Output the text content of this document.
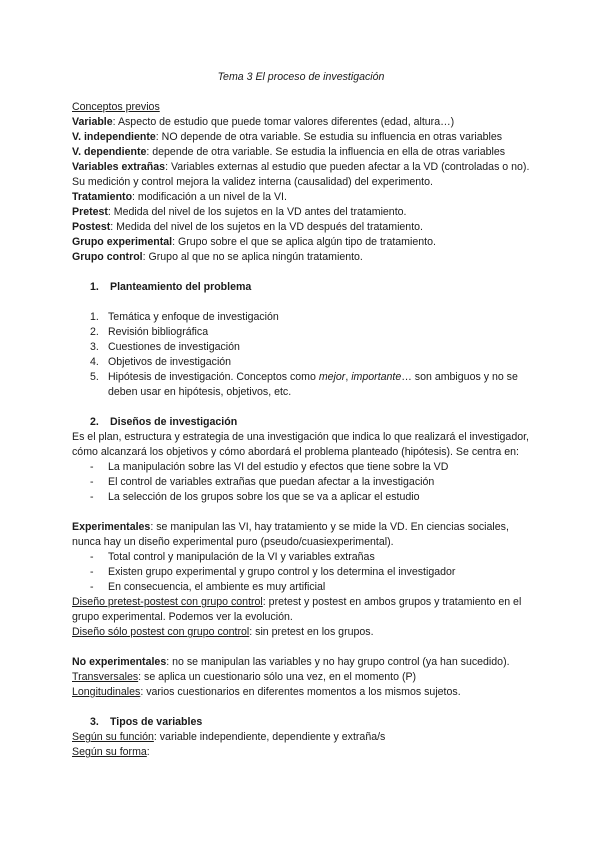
Tema 3 El proceso de investigación

Conceptos previos

Variable: Aspecto de estudio que puede tomar valores diferentes (edad, altura…)

V. independiente: NO depende de otra variable. Se estudia su influencia en otras variables

V. dependiente: depende de otra variable. Se estudia la influencia en ella de otras variables

Variables extrañas: Variables externas al estudio que pueden afectar a la VD (controladas o no). Su medición y control mejora la validez interna (causalidad) del experimento.

Tratamiento: modificación a un nivel de la VI.

Pretest: Medida del nivel de los sujetos en la VD antes del tratamiento.

Postest: Medida del nivel de los sujetos en la VD después del tratamiento.

Grupo experimental: Grupo sobre el que se aplica algún tipo de tratamiento.

Grupo control: Grupo al que no se aplica ningún tratamiento.

1. Planteamiento del problema

1. Temática y enfoque de investigación
2. Revisión bibliográfica
3. Cuestiones de investigación
4. Objetivos de investigación
5. Hipótesis de investigación. Conceptos como mejor, importante… son ambiguos y no se deben usar en hipótesis, objetivos, etc.

2. Diseños de investigación

Es el plan, estructura y estrategia de una investigación que indica lo que realizará el investigador, cómo alcanzará los objetivos y cómo abordará el problema planteado (hipótesis). Se centra en:

- La manipulación sobre las VI del estudio y efectos que tiene sobre la VD
- El control de variables extrañas que puedan afectar a la investigación
- La selección de los grupos sobre los que se va a aplicar el estudio

Experimentales: se manipulan las VI, hay tratamiento y se mide la VD. En ciencias sociales, nunca hay un diseño experimental puro (pseudo/cuasiexperimental).

- Total control y manipulación de la VI y variables extrañas
- Existen grupo experimental y grupo control y los determina el investigador
- En consecuencia, el ambiente es muy artificial

Diseño pretest-postest con grupo control: pretest y postest en ambos grupos y tratamiento en el grupo experimental. Podemos ver la evolución.

Diseño sólo postest con grupo control: sin pretest en los grupos.

No experimentales: no se manipulan las variables y no hay grupo control (ya han sucedido).

Transversales: se aplica un cuestionario sólo una vez, en el momento (P)

Longitudinales: varios cuestionarios en diferentes momentos a los mismos sujetos.

3. Tipos de variables

Según su función: variable independiente, dependiente y extraña/s

Según su forma:
